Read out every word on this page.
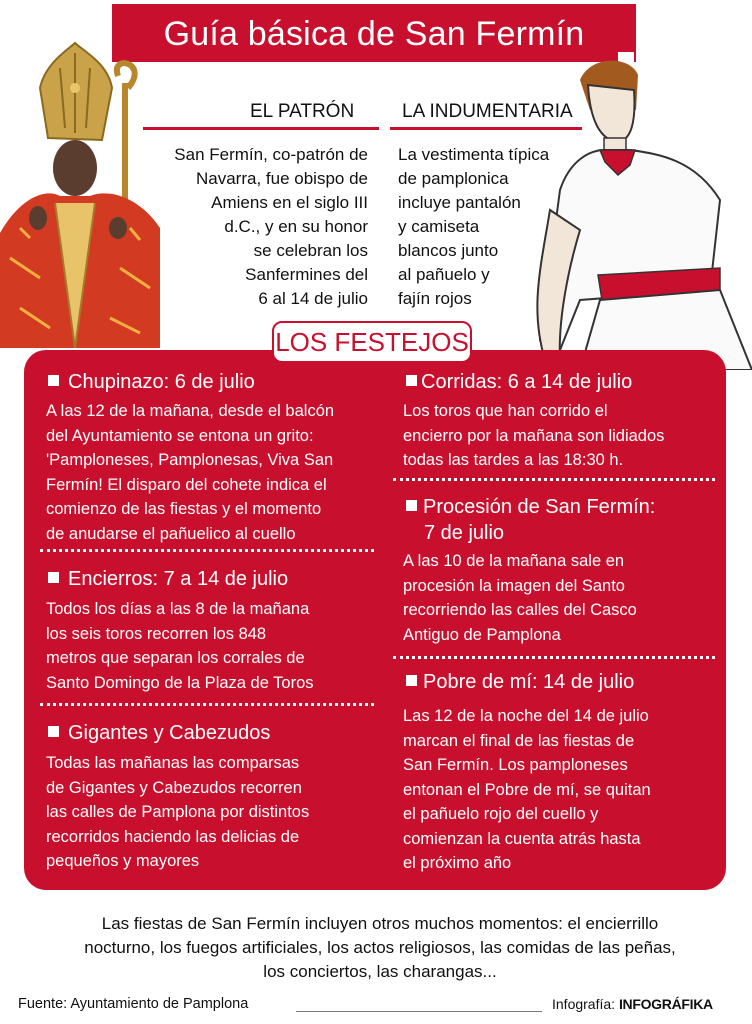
Guía básica de San Fermín
EL PATRÓN
San Fermín, co-patrón de
Navarra, fue obispo de
Amiens en el siglo III
d.C., y en su honor
se celebran los
Sanfermines del
6 al 14 de julio
LA INDUMENTARIA
La vestimenta típica
de pamplonica
incluye pantalón
y camiseta
blancos junto
al pañuelo y
fajín rojos
LOS FESTEJOS
Chupinazo: 6 de julio
A las 12 de la mañana, desde el balcón
del Ayuntamiento se entona un grito:
'Pamploneses, Pamplonesas, Viva San
Fermín! El disparo del cohete indica el
comienzo de las fiestas y el momento
de anudarse el pañuelico al cuello
Encierros: 7 a 14 de julio
Todos los días a las 8 de la mañana
los seis toros recorren los 848
metros que separan los corrales de
Santo Domingo de la Plaza de Toros
Gigantes y Cabezudos
Todas las mañanas las comparsas
de Gigantes y Cabezudos recorren
las calles de Pamplona por distintos
recorridos haciendo las delicias de
pequeños y mayores
Corridas: 6 a 14 de julio
Los toros que han corrido el
encierro por la mañana son lidiados
todas las tardes a las 18:30 h.
Procesión de San Fermín:
7 de julio
A las 10 de la mañana sale en
procesión la imagen del Santo
recorriendo las calles del Casco
Antiguo de Pamplona
Pobre de mí: 14 de julio
Las 12 de la noche del 14 de julio
marcan el final de las fiestas de
San Fermín. Los pamploneses
entonan el Pobre de mí, se quitan
el pañuelo rojo del cuello y
comienzan la cuenta atrás hasta
el próximo año
Las fiestas de San Fermín incluyen otros muchos momentos: el encierrillo
nocturno, los fuegos artificiales, los actos religiosos, las comidas de las peñas,
los conciertos, las charangas...
Fuente: Ayuntamiento de Pamplona	Infografía: INFOGRÁFIKA
